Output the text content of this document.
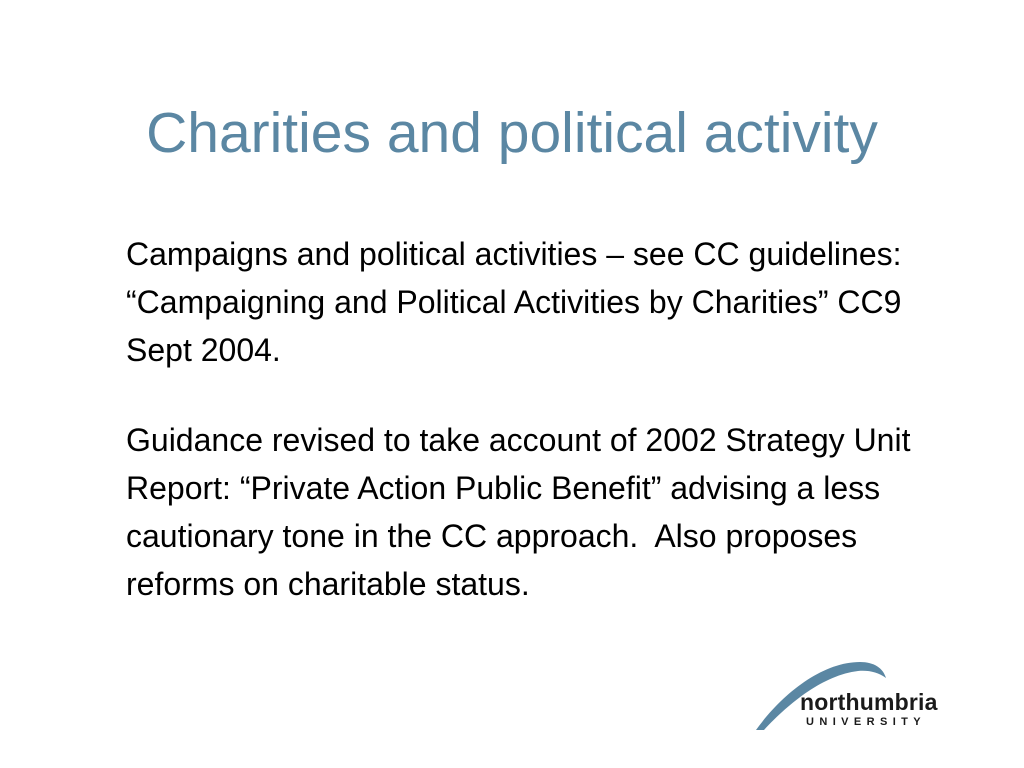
Charities and political activity

Campaigns and political activities – see CC guidelines: “Campaigning and Political Activities by Charities” CC9 Sept 2004.

Guidance revised to take account of 2002 Strategy Unit Report: “Private Action Public Benefit” advising a less cautionary tone in the CC approach.  Also proposes reforms on charitable status.

northumbria
UNIVERSITY
